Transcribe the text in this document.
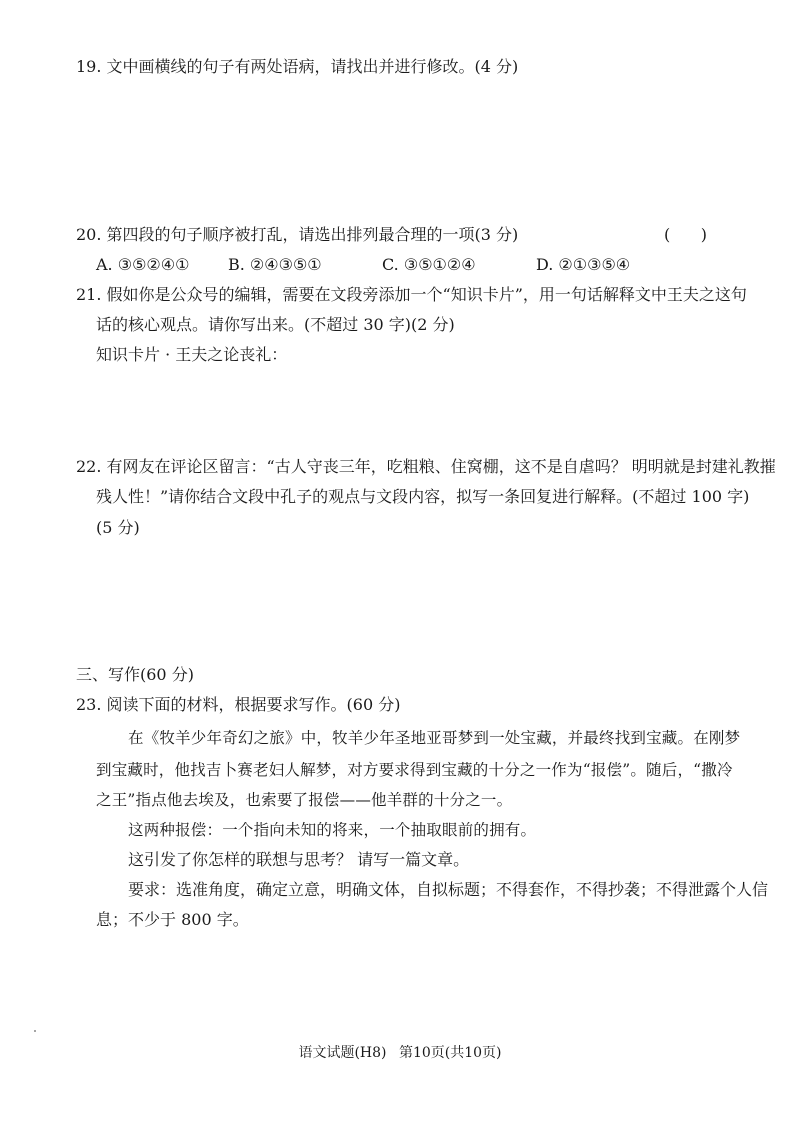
19. 文中画横线的句子有两处语病，请找出并进行修改。(4 分)
20. 第四段的句子顺序被打乱，请选出排列最合理的一项(3 分)	(      )
A. ③⑤②④① B. ②④③⑤①	C. ③⑤①②④	D. ②①③⑤④
21. 假如你是公众号的编辑，需要在文段旁添加一个“知识卡片”，用一句话解释文中王夫之这句
话的核心观点。请你写出来。(不超过 30 字)(2 分)
知识卡片 · 王夫之论丧礼：
22. 有网友在评论区留言：“古人守丧三年，吃粗粮、住窝棚，这不是自虐吗？ 明明就是封建礼教摧
残人性！”请你结合文段中孔子的观点与文段内容，拟写一条回复进行解释。(不超过 100 字)
(5 分)
三、写作(60 分)
23. 阅读下面的材料，根据要求写作。(60 分)
在《牧羊少年奇幻之旅》中，牧羊少年圣地亚哥梦到一处宝藏，并最终找到宝藏。在刚梦
到宝藏时，他找吉卜赛老妇人解梦，对方要求得到宝藏的十分之一作为“报偿”。随后，“撒冷
之王”指点他去埃及，也索要了报偿——他羊群的十分之一。
这两种报偿：一个指向未知的将来，一个抽取眼前的拥有。
这引发了你怎样的联想与思考？ 请写一篇文章。
要求：选准角度，确定立意，明确文体，自拟标题；不得套作，不得抄袭；不得泄露个人信
息；不少于 800 字。
语文试题(H8) 第10页(共10页)
